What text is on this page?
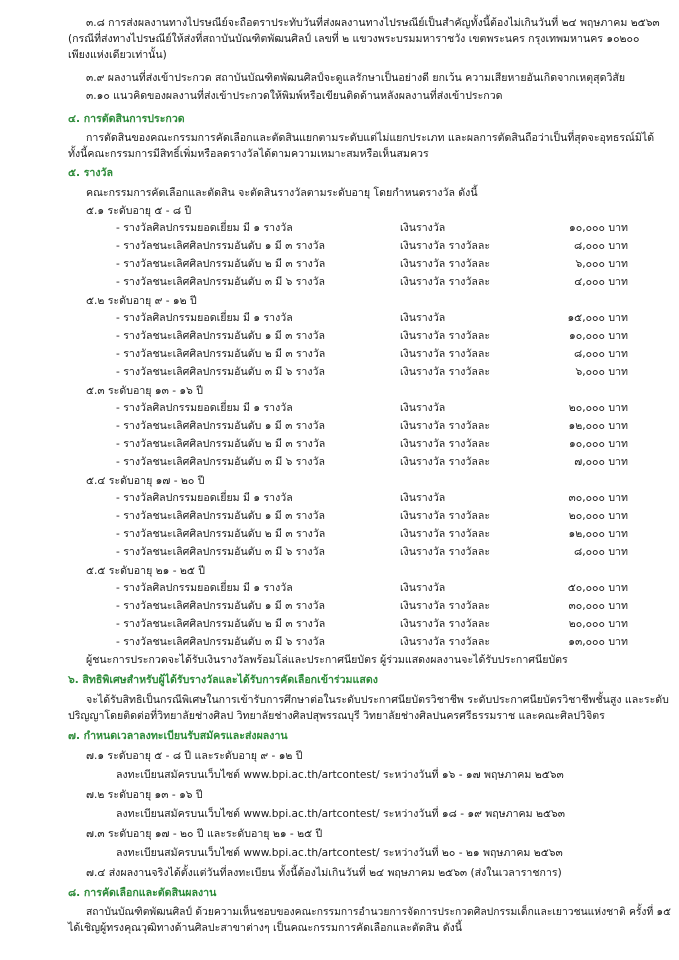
๓.๘ การส่งผลงานทางไปรษณีย์จะถือตราประทับวันที่ส่งผลงานทางไปรษณีย์เป็นสำคัญทั้งนี้ต้องไม่เกินวันที่ ๒๔ พฤษภาคม ๒๕๖๓
(กรณีที่ส่งทางไปรษณีย์ให้ส่งที่สถาบันบัณฑิตพัฒนศิลป์ เลขที่ ๒ แขวงพระบรมมหาราชวัง เขตพระนคร กรุงเทพมหานคร ๑๐๒๐๐
เพียงแห่งเดียวเท่านั้น)
๓.๙ ผลงานที่ส่งเข้าประกวด สถาบันบัณฑิตพัฒนศิลป์จะดูแลรักษาเป็นอย่างดี ยกเว้น ความเสียหายอันเกิดจากเหตุสุดวิสัย
๓.๑๐ แนวคิดของผลงานที่ส่งเข้าประกวดให้พิมพ์หรือเขียนติดด้านหลังผลงานที่ส่งเข้าประกวด
๔. การตัดสินการประกวด
การตัดสินของคณะกรรมการคัดเลือกและตัดสินแยกตามระดับแต่ไม่แยกประเภท และผลการตัดสินถือว่าเป็นที่สุดจะอุทธรณ์มิได้
ทั้งนี้คณะกรรมการมีสิทธิ์เพิ่มหรือลดรางวัลได้ตามความเหมาะสมหรือเห็นสมควร
๕. รางวัล
คณะกรรมการคัดเลือกและตัดสิน จะตัดสินรางวัลตามระดับอายุ โดยกำหนดรางวัล ดังนี้
๕.๑ ระดับอายุ ๕ - ๘ ปี
- รางวัลศิลปกรรมยอดเยี่ยม มี ๑ รางวัล	เงินรางวัล	๑๐,๐๐๐ บาท
- รางวัลชนะเลิศศิลปกรรมอันดับ ๑ มี ๓ รางวัล	เงินรางวัล รางวัลละ	๘,๐๐๐ บาท
- รางวัลชนะเลิศศิลปกรรมอันดับ ๒ มี ๓ รางวัล	เงินรางวัล รางวัลละ	๖,๐๐๐ บาท
- รางวัลชนะเลิศศิลปกรรมอันดับ ๓ มี ๖ รางวัล	เงินรางวัล รางวัลละ	๔,๐๐๐ บาท
๕.๒ ระดับอายุ ๙ - ๑๒ ปี
- รางวัลศิลปกรรมยอดเยี่ยม มี ๑ รางวัล	เงินรางวัล	๑๕,๐๐๐ บาท
- รางวัลชนะเลิศศิลปกรรมอันดับ ๑ มี ๓ รางวัล	เงินรางวัล รางวัลละ	๑๐,๐๐๐ บาท
- รางวัลชนะเลิศศิลปกรรมอันดับ ๒ มี ๓ รางวัล	เงินรางวัล รางวัลละ	๘,๐๐๐ บาท
- รางวัลชนะเลิศศิลปกรรมอันดับ ๓ มี ๖ รางวัล	เงินรางวัล รางวัลละ	๖,๐๐๐ บาท
๕.๓ ระดับอายุ ๑๓ - ๑๖ ปี
- รางวัลศิลปกรรมยอดเยี่ยม มี ๑ รางวัล	เงินรางวัล	๒๐,๐๐๐ บาท
- รางวัลชนะเลิศศิลปกรรมอันดับ ๑ มี ๓ รางวัล	เงินรางวัล รางวัลละ	๑๒,๐๐๐ บาท
- รางวัลชนะเลิศศิลปกรรมอันดับ ๒ มี ๓ รางวัล	เงินรางวัล รางวัลละ	๑๐,๐๐๐ บาท
- รางวัลชนะเลิศศิลปกรรมอันดับ ๓ มี ๖ รางวัล	เงินรางวัล รางวัลละ	๗,๐๐๐ บาท
๕.๔ ระดับอายุ ๑๗ - ๒๐ ปี
- รางวัลศิลปกรรมยอดเยี่ยม มี ๑ รางวัล	เงินรางวัล	๓๐,๐๐๐ บาท
- รางวัลชนะเลิศศิลปกรรมอันดับ ๑ มี ๓ รางวัล	เงินรางวัล รางวัลละ	๒๐,๐๐๐ บาท
- รางวัลชนะเลิศศิลปกรรมอันดับ ๒ มี ๓ รางวัล	เงินรางวัล รางวัลละ	๑๒,๐๐๐ บาท
- รางวัลชนะเลิศศิลปกรรมอันดับ ๓ มี ๖ รางวัล	เงินรางวัล รางวัลละ	๘,๐๐๐ บาท
๕.๕ ระดับอายุ ๒๑ - ๒๕ ปี
- รางวัลศิลปกรรมยอดเยี่ยม มี ๑ รางวัล	เงินรางวัล	๕๐,๐๐๐ บาท
- รางวัลชนะเลิศศิลปกรรมอันดับ ๑ มี ๓ รางวัล	เงินรางวัล รางวัลละ	๓๐,๐๐๐ บาท
- รางวัลชนะเลิศศิลปกรรมอันดับ ๒ มี ๓ รางวัล	เงินรางวัล รางวัลละ	๒๐,๐๐๐ บาท
- รางวัลชนะเลิศศิลปกรรมอันดับ ๓ มี ๖ รางวัล	เงินรางวัล รางวัลละ	๑๓,๐๐๐ บาท
ผู้ชนะการประกวดจะได้รับเงินรางวัลพร้อมโล่และประกาศนียบัตร ผู้ร่วมแสดงผลงานจะได้รับประกาศนียบัตร
๖. สิทธิพิเศษสำหรับผู้ได้รับรางวัลและได้รับการคัดเลือกเข้าร่วมแสดง
จะได้รับสิทธิเป็นกรณีพิเศษในการเข้ารับการศึกษาต่อในระดับประกาศนียบัตรวิชาชีพ ระดับประกาศนียบัตรวิชาชีพชั้นสูง และระดับ
ปริญญาโดยติดต่อที่วิทยาลัยช่างศิลป วิทยาลัยช่างศิลปสุพรรณบุรี วิทยาลัยช่างศิลปนครศรีธรรมราช และคณะศิลปวิจิตร
๗. กำหนดเวลาลงทะเบียนรับสมัครและส่งผลงาน
๗.๑ ระดับอายุ ๕ - ๘ ปี และระดับอายุ ๙ - ๑๒ ปี
ลงทะเบียนสมัครบนเว็บไซต์ www.bpi.ac.th/artcontest/ ระหว่างวันที่ ๑๖ - ๑๗ พฤษภาคม ๒๕๖๓
๗.๒ ระดับอายุ ๑๓ - ๑๖ ปี
ลงทะเบียนสมัครบนเว็บไซต์ www.bpi.ac.th/artcontest/ ระหว่างวันที่ ๑๘ - ๑๙ พฤษภาคม ๒๕๖๓
๗.๓ ระดับอายุ ๑๗ - ๒๐ ปี และระดับอายุ ๒๑ - ๒๕ ปี
ลงทะเบียนสมัครบนเว็บไซต์ www.bpi.ac.th/artcontest/ ระหว่างวันที่ ๒๐ - ๒๑ พฤษภาคม ๒๕๖๓
๗.๔ ส่งผลงานจริงได้ตั้งแต่วันที่ลงทะเบียน ทั้งนี้ต้องไม่เกินวันที่ ๒๔ พฤษภาคม ๒๕๖๓ (ส่งในเวลาราชการ)
๘. การคัดเลือกและตัดสินผลงาน
สถาบันบัณฑิตพัฒนศิลป์ ด้วยความเห็นชอบของคณะกรรมการอำนวยการจัดการประกวดศิลปกรรมเด็กและเยาวชนแห่งชาติ ครั้งที่ ๑๕
ได้เชิญผู้ทรงคุณวุฒิทางด้านศิลปะสาขาต่างๆ เป็นคณะกรรมการคัดเลือกและตัดสิน ดังนี้
